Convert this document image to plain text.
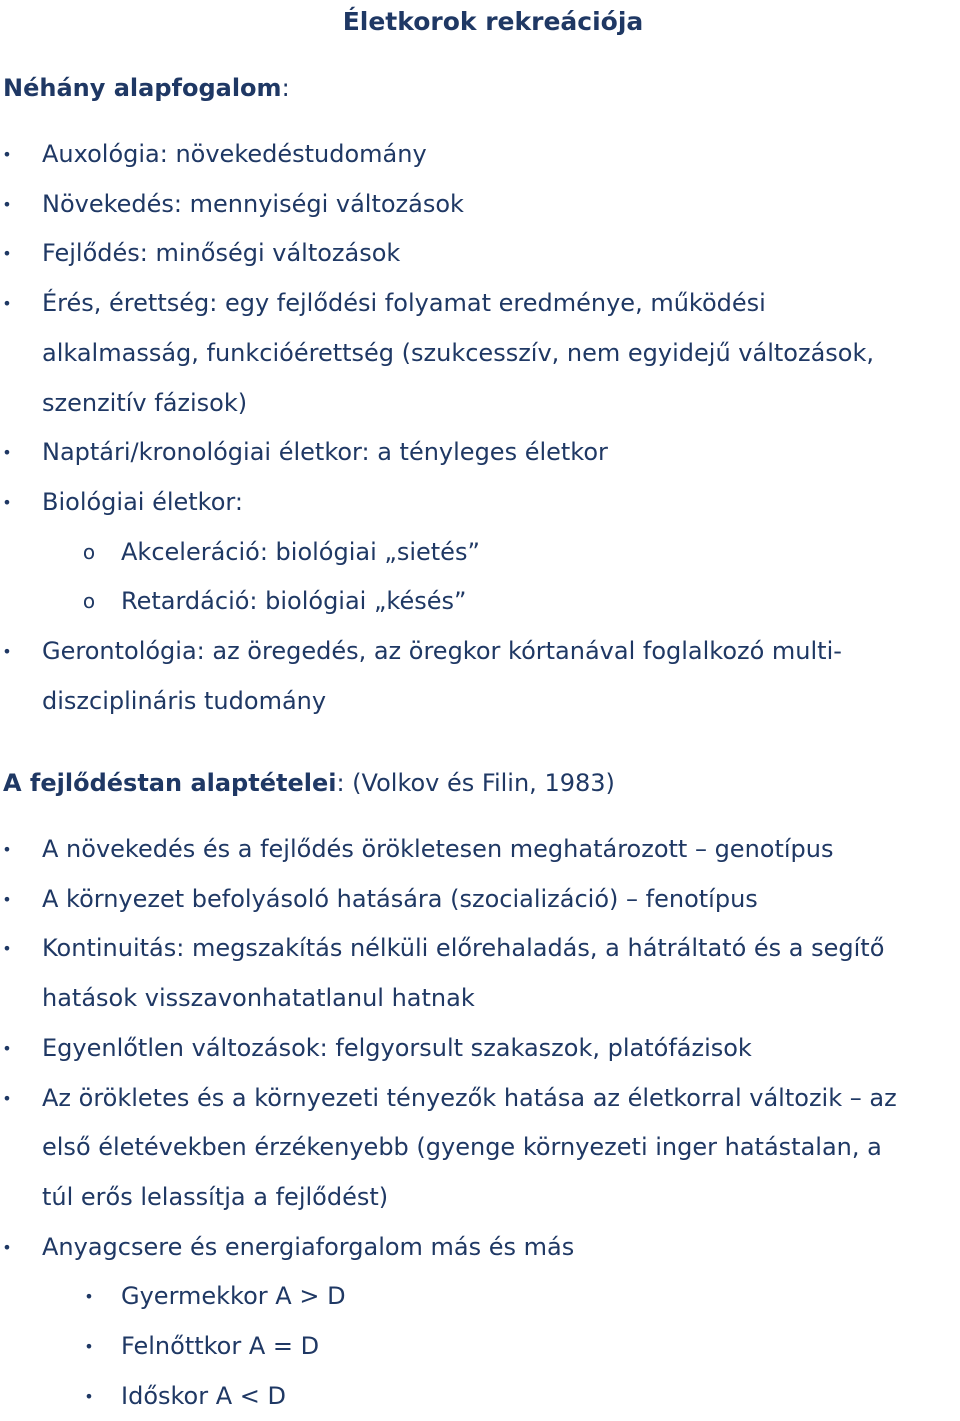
Életkorok rekreációja
Néhány alapfogalom:
• Auxológia: növekedéstudomány
• Növekedés: mennyiségi változások
• Fejlődés: minőségi változások
• Érés, érettség: egy fejlődési folyamat eredménye, működési
alkalmasság, funkcióérettség (szukcesszív, nem egyidejű változások,
szenzitív fázisok)
• Naptári/kronológiai életkor: a tényleges életkor
• Biológiai életkor:
o Akceleráció: biológiai „sietés”
o Retardáció: biológiai „késés”
• Gerontológia: az öregedés, az öregkor kórtanával foglalkozó multi-
diszciplináris tudomány
A fejlődéstan alaptételei: (Volkov és Filin, 1983)
• A növekedés és a fejlődés örökletesen meghatározott – genotípus
• A környezet befolyásoló hatására (szocializáció) – fenotípus
• Kontinuitás: megszakítás nélküli előrehaladás, a hátráltató és a segítő
hatások visszavonhatatlanul hatnak
• Egyenlőtlen változások: felgyorsult szakaszok, platófázisok
• Az örökletes és a környezeti tényezők hatása az életkorral változik – az
első életévekben érzékenyebb (gyenge környezeti inger hatástalan, a
túl erős lelassítja a fejlődést)
• Anyagcsere és energiaforgalom más és más
• Gyermekkor A > D
• Felnőttkor A = D
• Időskor A < D
